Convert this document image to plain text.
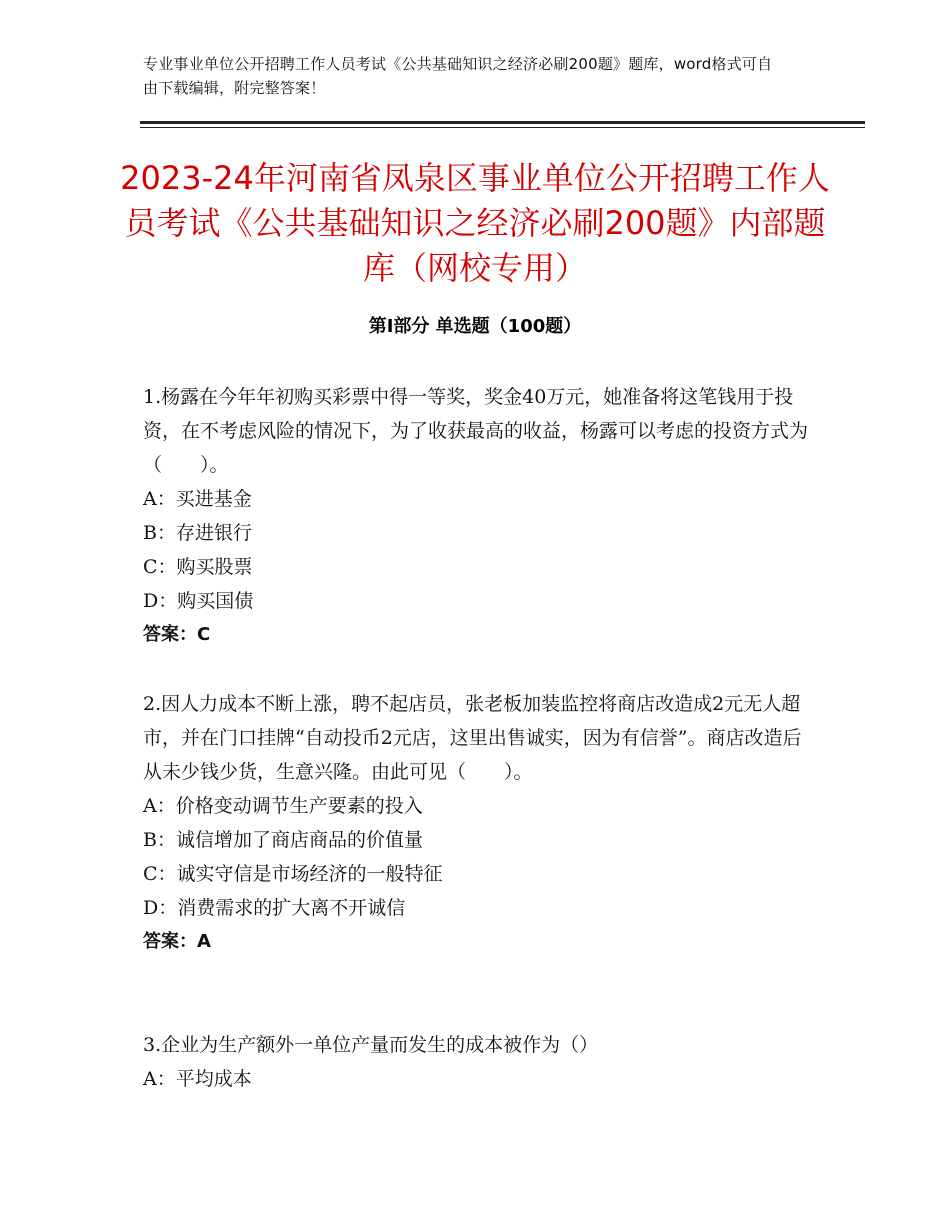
专业事业单位公开招聘工作人员考试《公共基础知识之经济必刷200题》题库，word格式可自由下载编辑，附完整答案！
2023-24年河南省凤泉区事业单位公开招聘工作人员考试《公共基础知识之经济必刷200题》内部题库（网校专用）
第Ⅰ部分 单选题（100题）

1.杨露在今年年初购买彩票中得一等奖，奖金40万元，她准备将这笔钱用于投资，在不考虑风险的情况下，为了收获最高的收益，杨露可以考虑的投资方式为（　　）。

A：买进基金

B：存进银行

C：购买股票

D：购买国债

答案：C

2.因人力成本不断上涨，聘不起店员，张老板加装监控将商店改造成2元无人超市，并在门口挂牌“自动投币2元店，这里出售诚实，因为有信誉”。商店改造后从未少钱少货，生意兴隆。由此可见（　　）。

A：价格变动调节生产要素的投入

B：诚信增加了商店商品的价值量

C：诚实守信是市场经济的一般特征

D：消费需求的扩大离不开诚信

答案：A

3.企业为生产额外一单位产量而发生的成本被作为（）

A：平均成本
